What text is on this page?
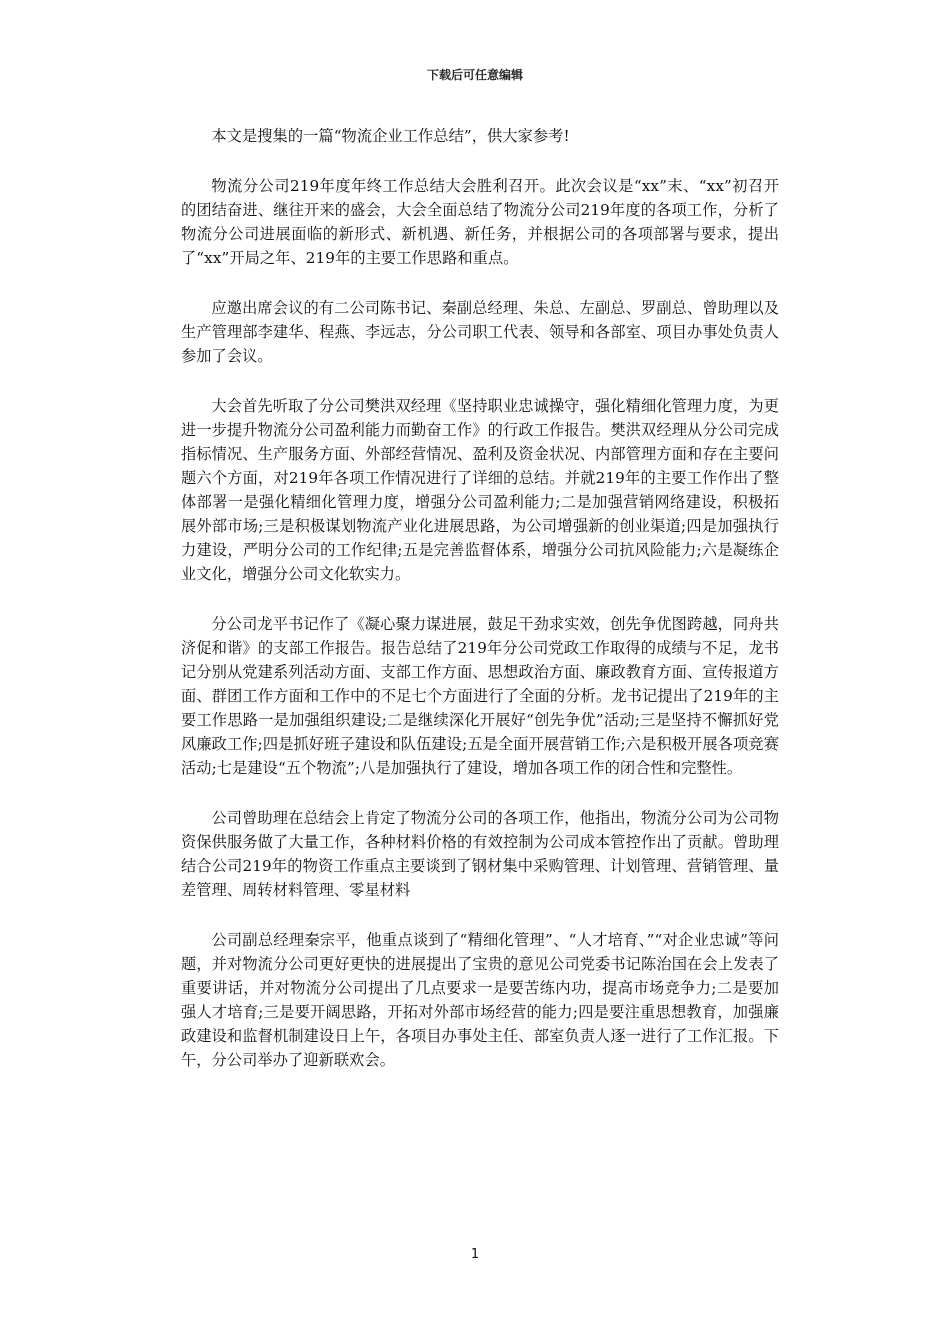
下载后可任意编辑

本文是搜集的一篇“物流企业工作总结”，供大家参考!

物流分公司219年度年终工作总结大会胜利召开。此次会议是“xx”末、“xx”初召开的团结奋进、继往开来的盛会，大会全面总结了物流分公司219年度的各项工作，分析了物流分公司进展面临的新形式、新机遇、新任务，并根据公司的各项部署与要求，提出了“xx”开局之年、219年的主要工作思路和重点。

应邀出席会议的有二公司陈书记、秦副总经理、朱总、左副总、罗副总、曾助理以及生产管理部李建华、程燕、李远志，分公司职工代表、领导和各部室、项目办事处负责人参加了会议。

大会首先听取了分公司樊洪双经理《坚持职业忠诚操守，强化精细化管理力度，为更进一步提升物流分公司盈利能力而勤奋工作》的行政工作报告。樊洪双经理从分公司完成指标情况、生产服务方面、外部经营情况、盈利及资金状况、内部管理方面和存在主要问题六个方面，对219年各项工作情况进行了详细的总结。并就219年的主要工作作出了整体部署一是强化精细化管理力度，增强分公司盈利能力;二是加强营销网络建设，积极拓展外部市场;三是积极谋划物流产业化进展思路，为公司增强新的创业渠道;四是加强执行力建设，严明分公司的工作纪律;五是完善监督体系，增强分公司抗风险能力;六是凝练企业文化，增强分公司文化软实力。

分公司龙平书记作了《凝心聚力谋进展，鼓足干劲求实效，创先争优图跨越，同舟共济促和谐》的支部工作报告。报告总结了219年分公司党政工作取得的成绩与不足，龙书记分别从党建系列活动方面、支部工作方面、思想政治方面、廉政教育方面、宣传报道方面、群团工作方面和工作中的不足七个方面进行了全面的分析。龙书记提出了219年的主要工作思路一是加强组织建设;二是继续深化开展好“创先争优”活动;三是坚持不懈抓好党风廉政工作;四是抓好班子建设和队伍建设;五是全面开展营销工作;六是积极开展各项竞赛活动;七是建设“五个物流”;八是加强执行了建设，增加各项工作的闭合性和完整性。

公司曾助理在总结会上肯定了物流分公司的各项工作，他指出，物流分公司为公司物资保供服务做了大量工作，各种材料价格的有效控制为公司成本管控作出了贡献。曾助理结合公司219年的物资工作重点主要谈到了钢材集中采购管理、计划管理、营销管理、量差管理、周转材料管理、零星材料

公司副总经理秦宗平，他重点谈到了“精细化管理”、“人才培育、”“对企业忠诚”等问题，并对物流分公司更好更快的进展提出了宝贵的意见公司党委书记陈治国在会上发表了重要讲话，并对物流分公司提出了几点要求一是要苦练内功，提高市场竞争力;二是要加强人才培育;三是要开阔思路，开拓对外部市场经营的能力;四是要注重思想教育，加强廉政建设和监督机制建设日上午，各项目办事处主任、部室负责人逐一进行了工作汇报。下午，分公司举办了迎新联欢会。

1
